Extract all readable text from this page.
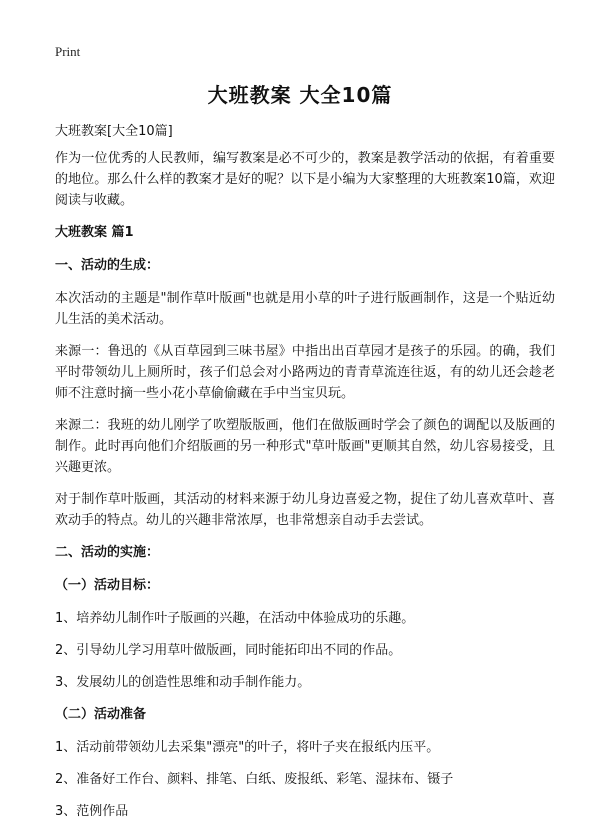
Print
大班教案 大全10篇

大班教案[大全10篇]

作为一位优秀的人民教师，编写教案是必不可少的，教案是教学活动的依据，有着重要的地位。那么什么样的教案才是好的呢？以下是小编为大家整理的大班教案10篇，欢迎阅读与收藏。

大班教案 篇1

一、活动的生成：

本次活动的主题是"制作草叶版画"也就是用小草的叶子进行版画制作，这是一个贴近幼儿生活的美术活动。

来源一：鲁迅的《从百草园到三味书屋》中指出出百草园才是孩子的乐园。的确，我们平时带领幼儿上厕所时，孩子们总会对小路两边的青青草流连往返，有的幼儿还会趁老师不注意时摘一些小花小草偷偷藏在手中当宝贝玩。

来源二：我班的幼儿刚学了吹塑版版画，他们在做版画时学会了颜色的调配以及版画的制作。此时再向他们介绍版画的另一种形式"草叶版画"更顺其自然，幼儿容易接受，且兴趣更浓。

对于制作草叶版画，其活动的材料来源于幼儿身边喜爱之物，捉住了幼儿喜欢草叶、喜欢动手的特点。幼儿的兴趣非常浓厚，也非常想亲自动手去尝试。

二、活动的实施：

（一）活动目标：

1、培养幼儿制作叶子版画的兴趣，在活动中体验成功的乐趣。

2、引导幼儿学习用草叶做版画，同时能拓印出不同的作品。

3、发展幼儿的创造性思维和动手制作能力。

（二）活动准备

1、活动前带领幼儿去采集"漂亮"的叶子，将叶子夹在报纸内压平。

2、准备好工作台、颜料、排笔、白纸、废报纸、彩笔、湿抹布、镊子

3、范例作品
